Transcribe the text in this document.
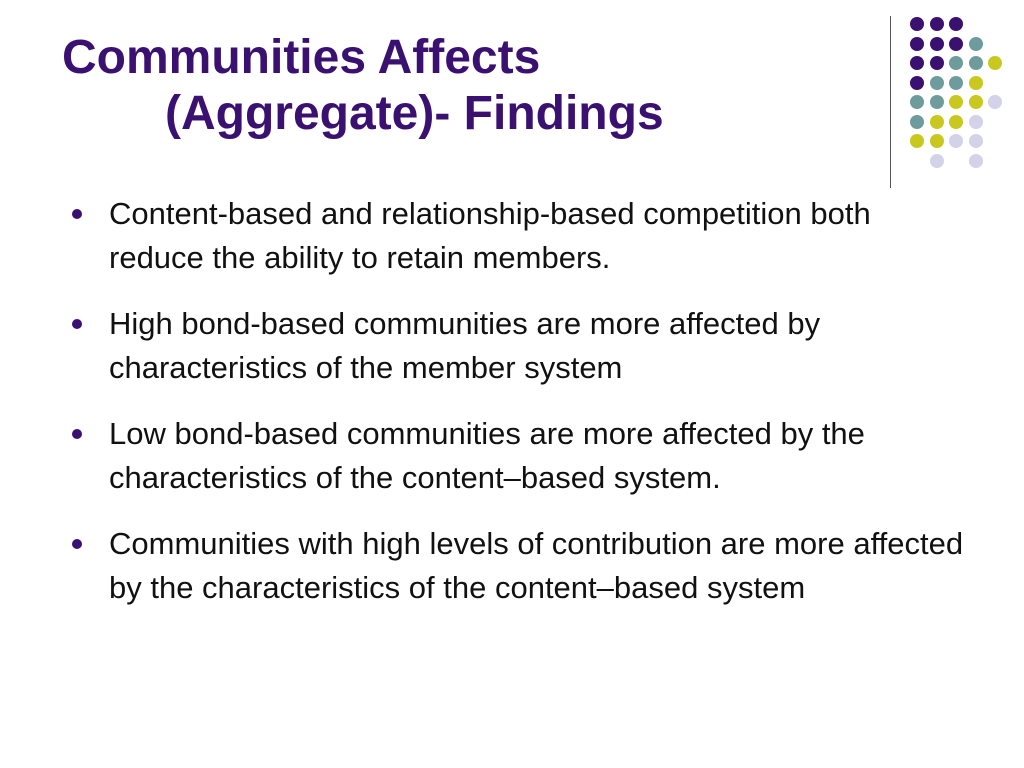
Communities Affects
(Aggregate)- Findings
Content-based and relationship-based competition both reduce the ability to retain members.
High bond-based communities are more affected by characteristics of the member system
Low bond-based communities are more affected by the characteristics of the content–based system.
Communities with high levels of contribution are more affected by the characteristics of the content–based system
